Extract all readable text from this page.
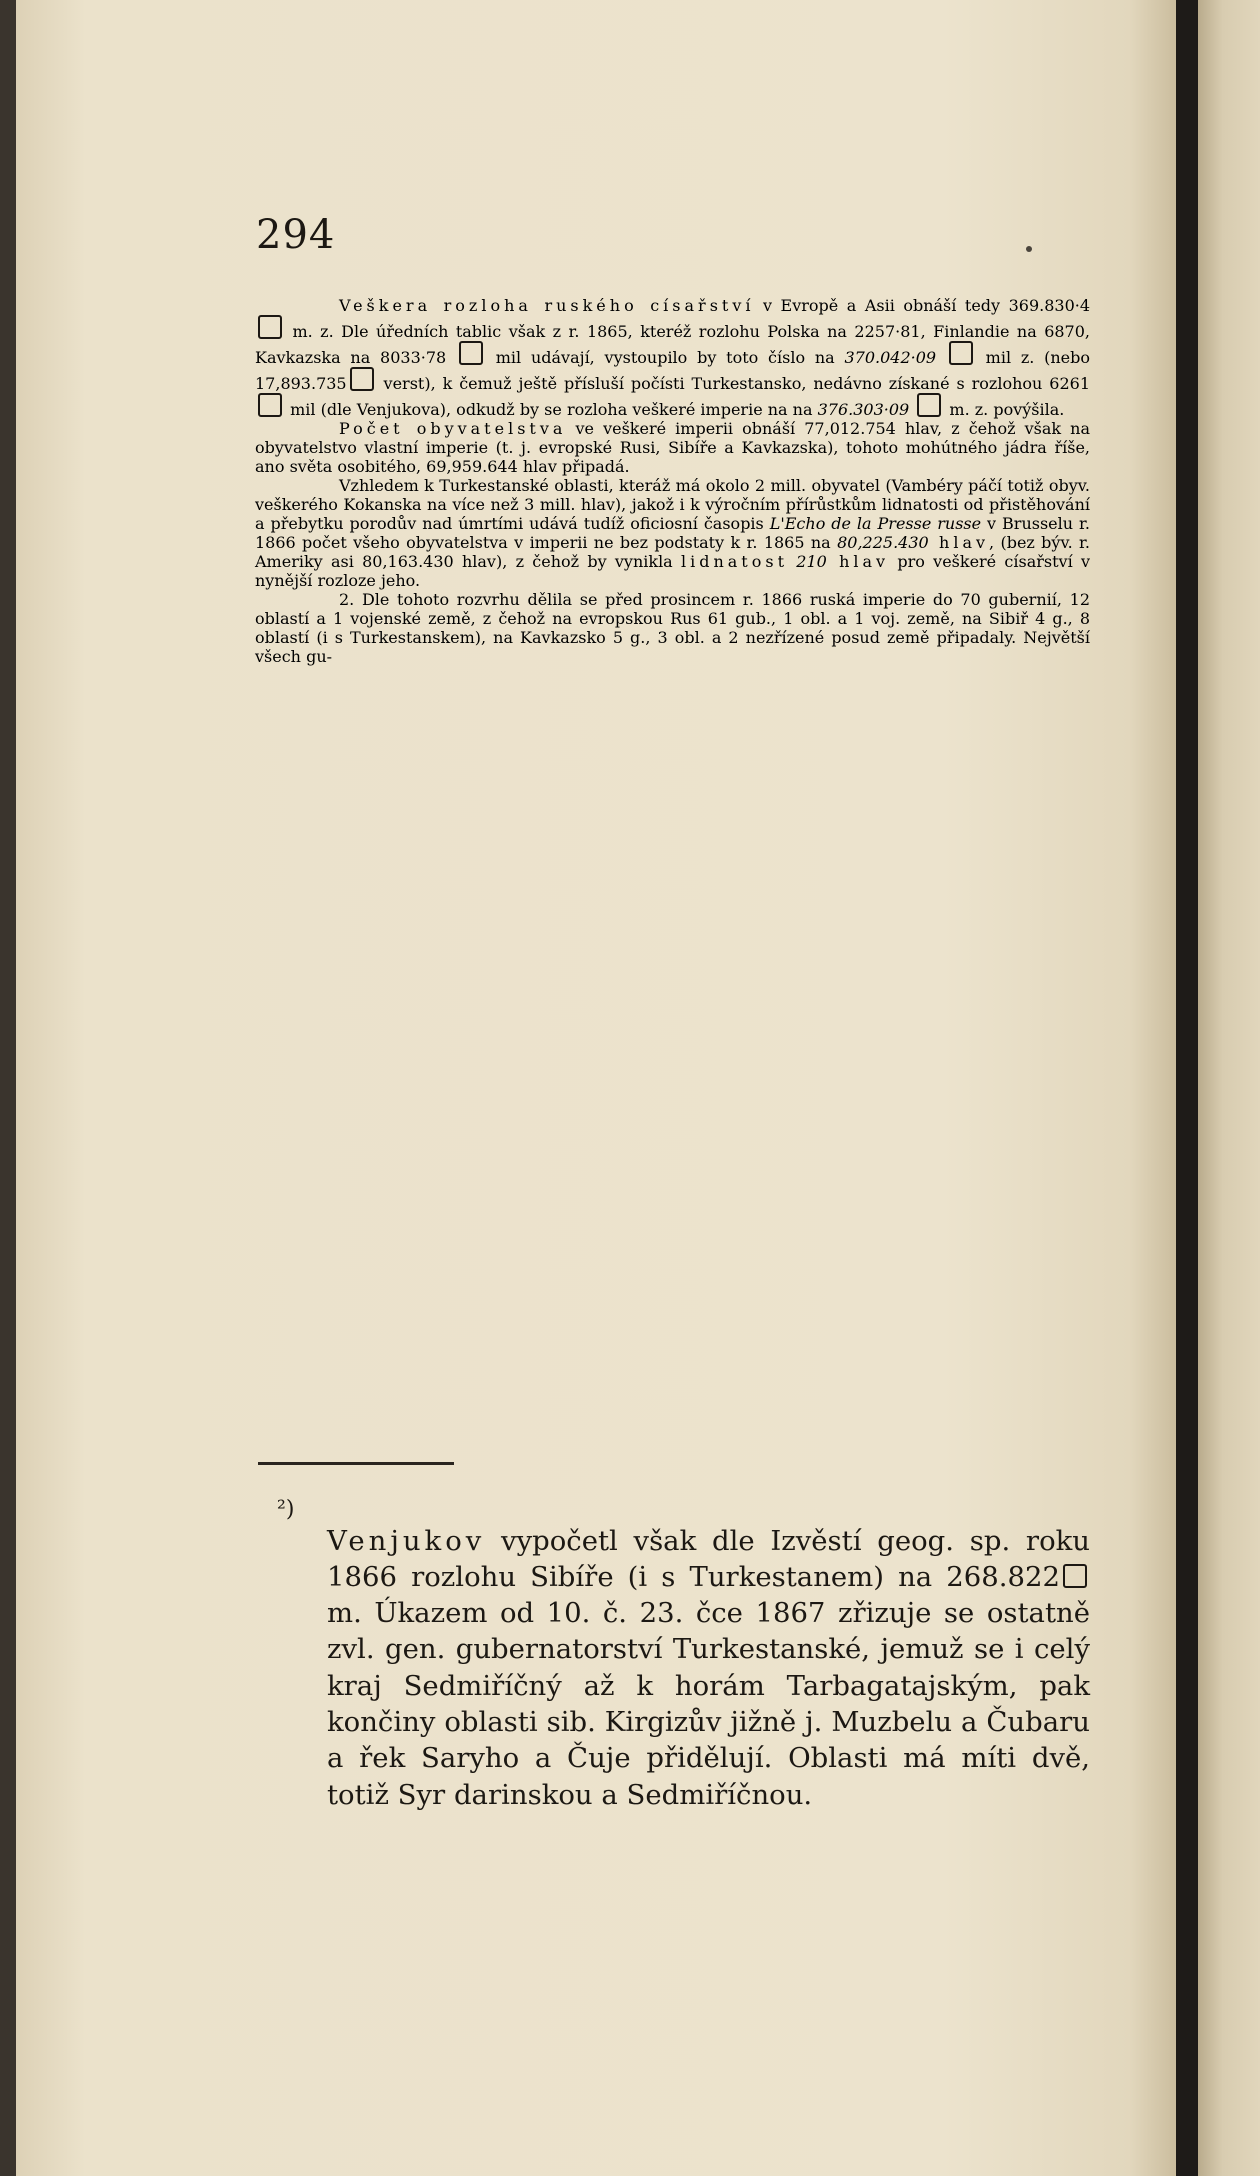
294

Veškera rozloha ruského císařství v Evropě a Asii obnáší tedy 369.830·4  m. z. Dle úředních tablic však z r. 1865, kteréž rozlohu Polska na 2257·81, Finlandie na 6870, Kavkazska na 8033·78  mil udávají, vystoupilo by toto číslo na 370.042·09  mil z. (nebo 17,893.735 verst), k čemuž ještě přísluší počísti Turkestansko, nedávno získané s rozlohou 6261  mil (dle Venjukova), odkudž by se rozloha veškeré imperie na na 376.303·09  m. z. povýšila.

Počet obyvatelstva ve veškeré imperii obnáší 77,012.754 hlav, z čehož však na obyvatelstvo vlastní imperie (t. j. evropské Rusi, Sibíře a Kavkazska), tohoto mohútného jádra říše, ano světa osobitého, 69,959.644 hlav připadá.

Vzhledem k Turkestanské oblasti, kteráž má okolo 2 mill. obyvatel (Vambéry páčí totiž obyv. veškerého Kokanska na více než 3 mill. hlav), jakož i k výročním přírůstkům lidnatosti od přistěhování a přebytku porodův nad úmrtími udává tudíž oficiosní časopis L'Echo de la Presse russe v Brusselu r. 1866 počet všeho obyvatelstva v imperii ne bez podstaty k r. 1865 na 80,225.430 hlav, (bez býv. r. Ameriky asi 80,163.430 hlav), z čehož by vynikla lidnatost 210 hlav pro veškeré císařství v nynější rozloze jeho.

2. Dle tohoto rozvrhu dělila se před prosincem r. 1866 ruská imperie do 70 gubernií, 12 oblastí a 1 vojenské země, z čehož na evropskou Rus 61 gub., 1 obl. a 1 voj. země, na Sibiř 4 g., 8 oblastí (i s Turkestanskem), na Kavkazsko 5 g., 3 obl. a 2 nezřízené posud země připadaly. Největší všech gu-

²)

Venjukov vypočetl však dle Izvěstí geog. sp. roku 1866 rozlohu Sibíře (i s Turkestanem) na 268.822 m. Úkazem od 10. č. 23. čce 1867 zřizuje se ostatně zvl. gen. gubernatorství Turkestanské, jemuž se i celý kraj Sedmiříčný až k horám Tarbagatajským, pak končiny oblasti sib. Kirgizův jižně j. Muzbelu a Čubaru a řek Saryho a Čuje přidělují. Oblasti má míti dvě, totiž Syr darinskou a Sedmiříčnou.
